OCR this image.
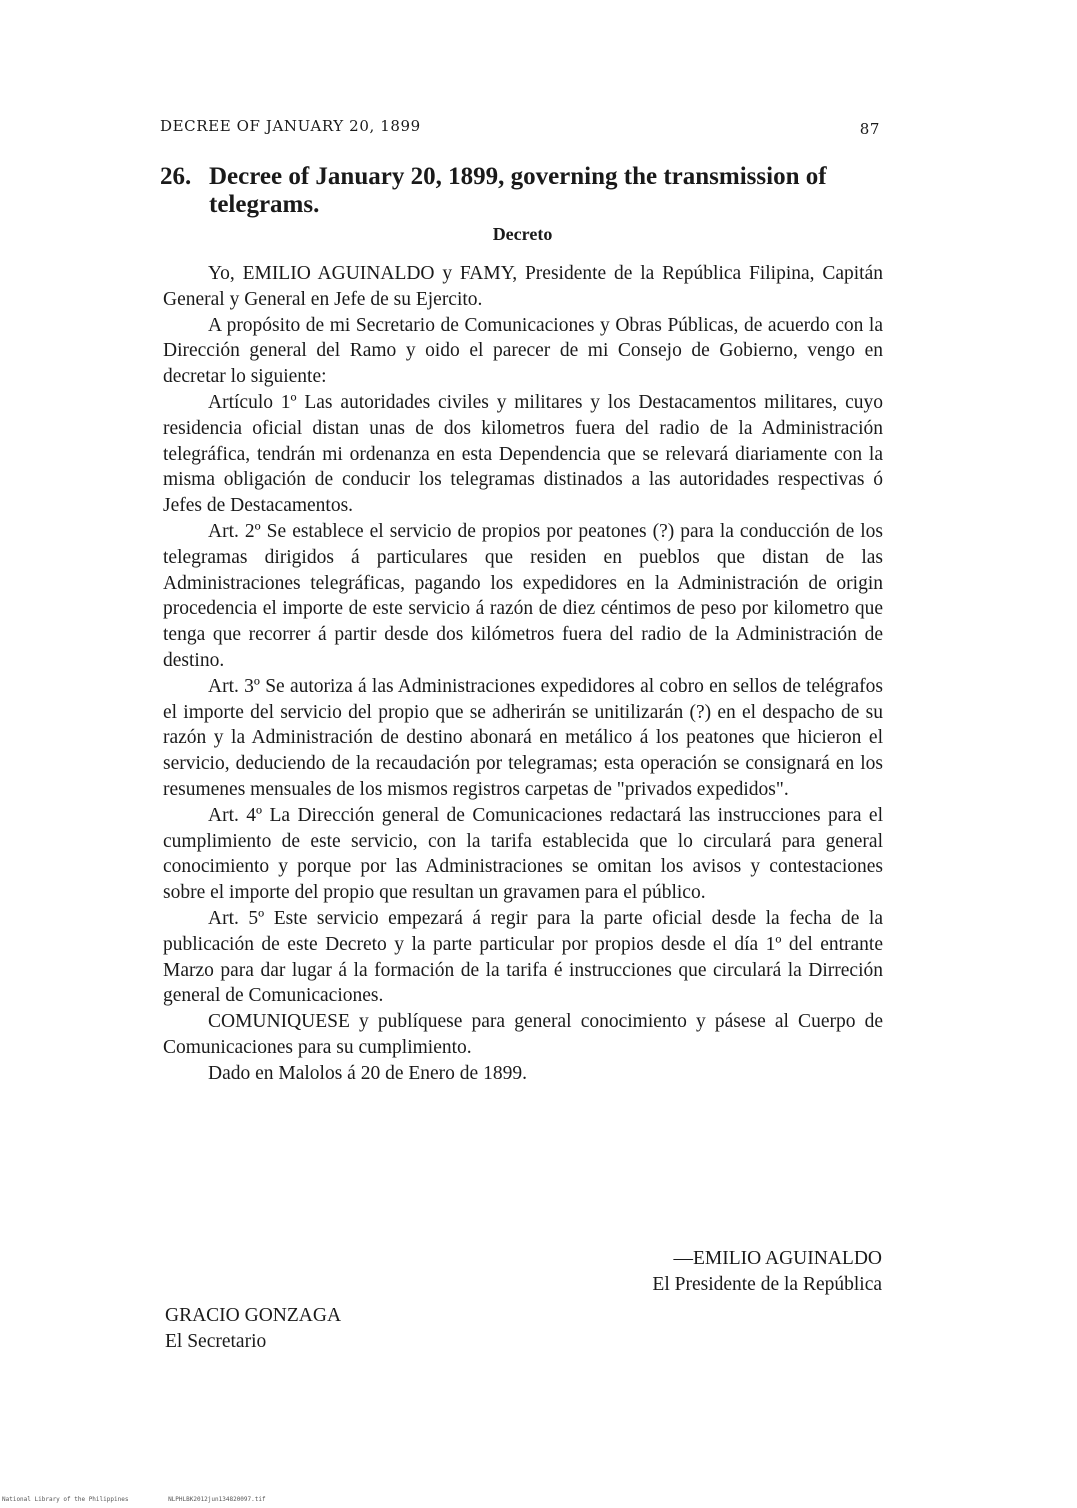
DECREE OF JANUARY 20, 1899	87
26. Decree of January 20, 1899, governing the transmission of telegrams.
Decreto

Yo, EMILIO AGUINALDO y FAMY, Presidente de la República Filipina, Capitán General y General en Jefe de su Ejercito.

A propósito de mi Secretario de Comunicaciones y Obras Públicas, de acuerdo con la Dirección general del Ramo y oido el parecer de mi Consejo de Gobierno, vengo en decretar lo siguiente:

Artículo 1º Las autoridades civiles y militares y los Destacamentos militares, cuyo residencia oficial distan unas de dos kilometros fuera del radio de la Administración telegráfica, tendrán mi ordenanza en esta Dependencia que se relevará diariamente con la misma obligación de conducir los telegramas distinados a las autoridades respectivas ó Jefes de Destacamentos.

Art. 2º Se establece el servicio de propios por peatones (?) para la conducción de los telegramas dirigidos á particulares que residen en pueblos que distan de las Administraciones telegráficas, pagando los expedidores en la Administración de origin procedencia el importe de este servicio á razón de diez céntimos de peso por kilometro que tenga que recorrer á partir desde dos kilómetros fuera del radio de la Administración de destino.

Art. 3º Se autoriza á las Administraciones expedidores al cobro en sellos de telégrafos el importe del servicio del propio que se adherirán se unitilizarán (?) en el despacho de su razón y la Administración de destino abonará en metálico á los peatones que hicieron el servicio, deduciendo de la recaudación por telegramas; esta operación se consignará en los resumenes mensuales de los mismos registros carpetas de "privados expedidos".

Art. 4º La Dirección general de Comunicaciones redactará las instrucciones para el cumplimiento de este servicio, con la tarifa establecida que lo circulará para general conocimiento y porque por las Administraciones se omitan los avisos y contestaciones sobre el importe del propio que resultan un gravamen para el público.

Art. 5º Este servicio empezará á regir para la parte oficial desde la fecha de la publicación de este Decreto y la parte particular por propios desde el día 1º del entrante Marzo para dar lugar á la formación de la tarifa é instrucciones que circulará la Dirreción general de Comunicaciones.

COMUNIQUESE y publíquese para general conocimiento y pásese al Cuerpo de Comunicaciones para su cumplimiento.

Dado en Malolos á 20 de Enero de 1899.

—EMILIO AGUINALDO
El Presidente de la República
GRACIO GONZAGA
El Secretario
National Library of the Philippines	NLPHLBK2012jun134820097.tif
